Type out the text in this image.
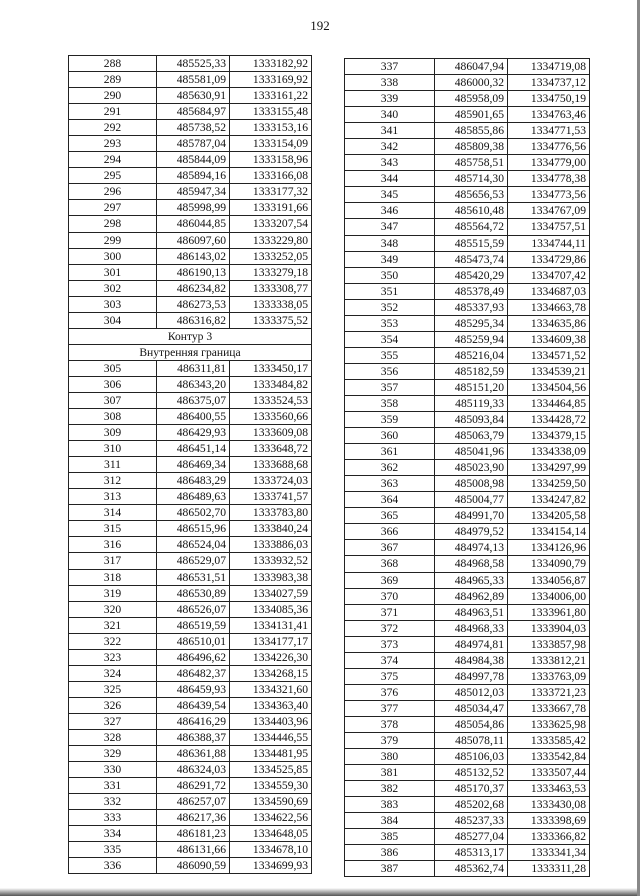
192
288	485525,33	1333182,92
289	485581,09	1333169,92
290	485630,91	1333161,22
291	485684,97	1333155,48
292	485738,52	1333153,16
293	485787,04	1333154,09
294	485844,09	1333158,96
295	485894,16	1333166,08
296	485947,34	1333177,32
297	485998,99	1333191,66
298	486044,85	1333207,54
299	486097,60	1333229,80
300	486143,02	1333252,05
301	486190,13	1333279,18
302	486234,82	1333308,77
303	486273,53	1333338,05
304	486316,82	1333375,52
Контур 3		
Внутренняя граница		
305	486311,81	1333450,17
306	486343,20	1333484,82
307	486375,07	1333524,53
308	486400,55	1333560,66
309	486429,93	1333609,08
310	486451,14	1333648,72
311	486469,34	1333688,68
312	486483,29	1333724,03
313	486489,63	1333741,57
314	486502,70	1333783,80
315	486515,96	1333840,24
316	486524,04	1333886,03
317	486529,07	1333932,52
318	486531,51	1333983,38
319	486530,89	1334027,59
320	486526,07	1334085,36
321	486519,59	1334131,41
322	486510,01	1334177,17
323	486496,62	1334226,30
324	486482,37	1334268,15
325	486459,93	1334321,60
326	486439,54	1334363,40
327	486416,29	1334403,96
328	486388,37	1334446,55
329	486361,88	1334481,95
330	486324,03	1334525,85
331	486291,72	1334559,30
332	486257,07	1334590,69
333	486217,36	1334622,56
334	486181,23	1334648,05
335	486131,66	1334678,10
336	486090,59	1334699,93
337	486047,94	1334719,08
338	486000,32	1334737,12
339	485958,09	1334750,19
340	485901,65	1334763,46
341	485855,86	1334771,53
342	485809,38	1334776,56
343	485758,51	1334779,00
344	485714,30	1334778,38
345	485656,53	1334773,56
346	485610,48	1334767,09
347	485564,72	1334757,51
348	485515,59	1334744,11
349	485473,74	1334729,86
350	485420,29	1334707,42
351	485378,49	1334687,03
352	485337,93	1334663,78
353	485295,34	1334635,86
354	485259,94	1334609,38
355	485216,04	1334571,52
356	485182,59	1334539,21
357	485151,20	1334504,56
358	485119,33	1334464,85
359	485093,84	1334428,72
360	485063,79	1334379,15
361	485041,96	1334338,09
362	485023,90	1334297,99
363	485008,98	1334259,50
364	485004,77	1334247,82
365	484991,70	1334205,58
366	484979,52	1334154,14
367	484974,13	1334126,96
368	484968,58	1334090,79
369	484965,33	1334056,87
370	484962,89	1334006,00
371	484963,51	1333961,80
372	484968,33	1333904,03
373	484974,81	1333857,98
374	484984,38	1333812,21
375	484997,78	1333763,09
376	485012,03	1333721,23
377	485034,47	1333667,78
378	485054,86	1333625,98
379	485078,11	1333585,42
380	485106,03	1333542,84
381	485132,52	1333507,44
382	485170,37	1333463,53
383	485202,68	1333430,08
384	485237,33	1333398,69
385	485277,04	1333366,82
386	485313,17	1333341,34
387	485362,74	1333311,28
